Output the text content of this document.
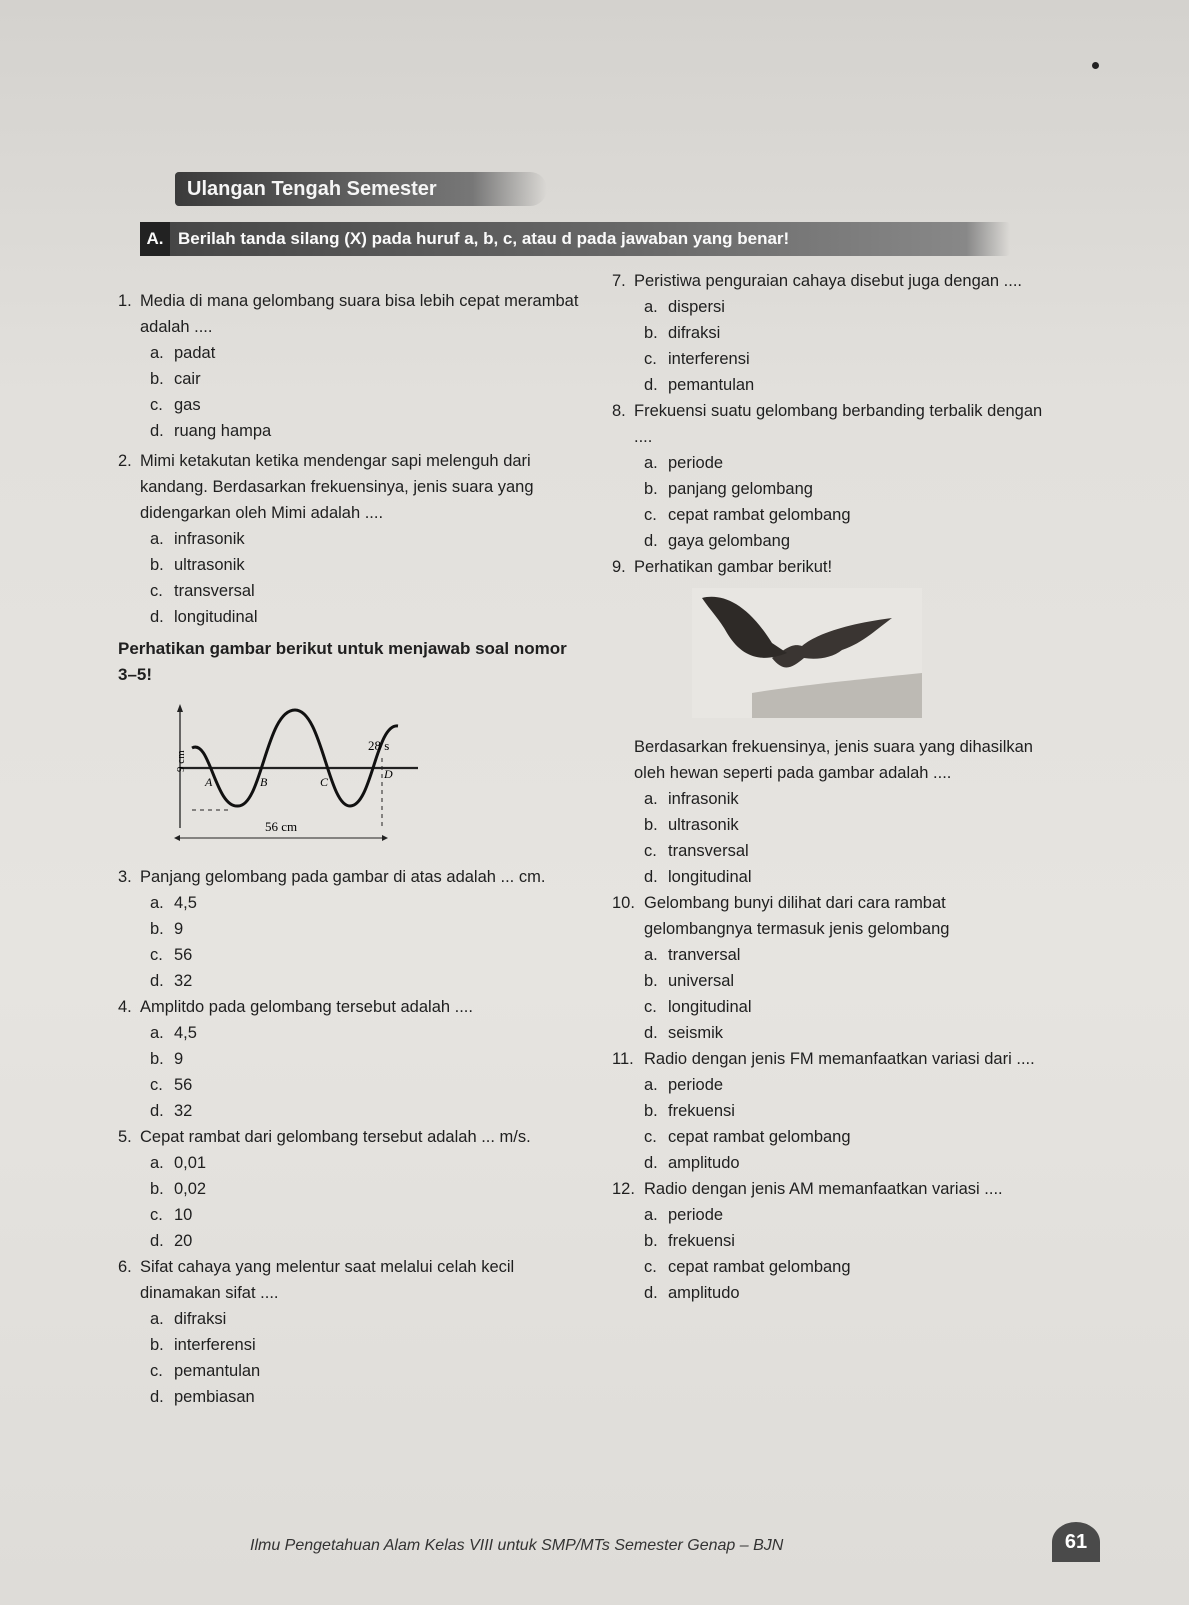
Ulangan Tengah Semester
A. Berilah tanda silang (X) pada huruf a, b, c, atau d pada jawaban yang benar!
1. Media di mana gelombang suara bisa lebih cepat merambat adalah ....
a. padat
b. cair
c. gas
d. ruang hampa
2. Mimi ketakutan ketika mendengar sapi melenguh dari kandang. Berdasarkan frekuensinya, jenis suara yang didengarkan oleh Mimi adalah ....
a. infrasonik
b. ultrasonik
c. transversal
d. longitudinal
Perhatikan gambar berikut untuk menjawab soal nomor 3–5!
9 cm
28 s
56 cm
A	B	C
D
3. Panjang gelombang pada gambar di atas adalah ... cm.
a. 4,5
b. 9
c. 56
d. 32
4. Amplitdo pada gelombang tersebut adalah ....
a. 4,5
b. 9
c. 56
d. 32
5. Cepat rambat dari gelombang tersebut adalah ... m/s.
a. 0,01
b. 0,02
c. 10
d. 20
6. Sifat cahaya yang melentur saat melalui celah kecil dinamakan sifat ....
a. difraksi
b. interferensi
c. pemantulan
d. pembiasan
7. Peristiwa penguraian cahaya disebut juga dengan ....
a. dispersi
b. difraksi
c. interferensi
d. pemantulan
8. Frekuensi suatu gelombang berbanding terbalik dengan ....
a. periode
b. panjang gelombang
c. cepat rambat gelombang
d. gaya gelombang
9. Perhatikan gambar berikut!
Berdasarkan frekuensinya, jenis suara yang dihasilkan oleh hewan seperti pada gambar adalah ....
a. infrasonik
b. ultrasonik
c. transversal
d. longitudinal
10. Gelombang bunyi dilihat dari cara rambat gelombangnya termasuk jenis gelombang
a. tranversal
b. universal
c. longitudinal
d. seismik
11. Radio dengan jenis FM memanfaatkan variasi dari ....
a. periode
b. frekuensi
c. cepat rambat gelombang
d. amplitudo
12. Radio dengan jenis AM memanfaatkan variasi ....
a. periode
b. frekuensi
c. cepat rambat gelombang
d. amplitudo
Ilmu Pengetahuan Alam Kelas VIII untuk SMP/MTs Semester Genap – BJN	61
